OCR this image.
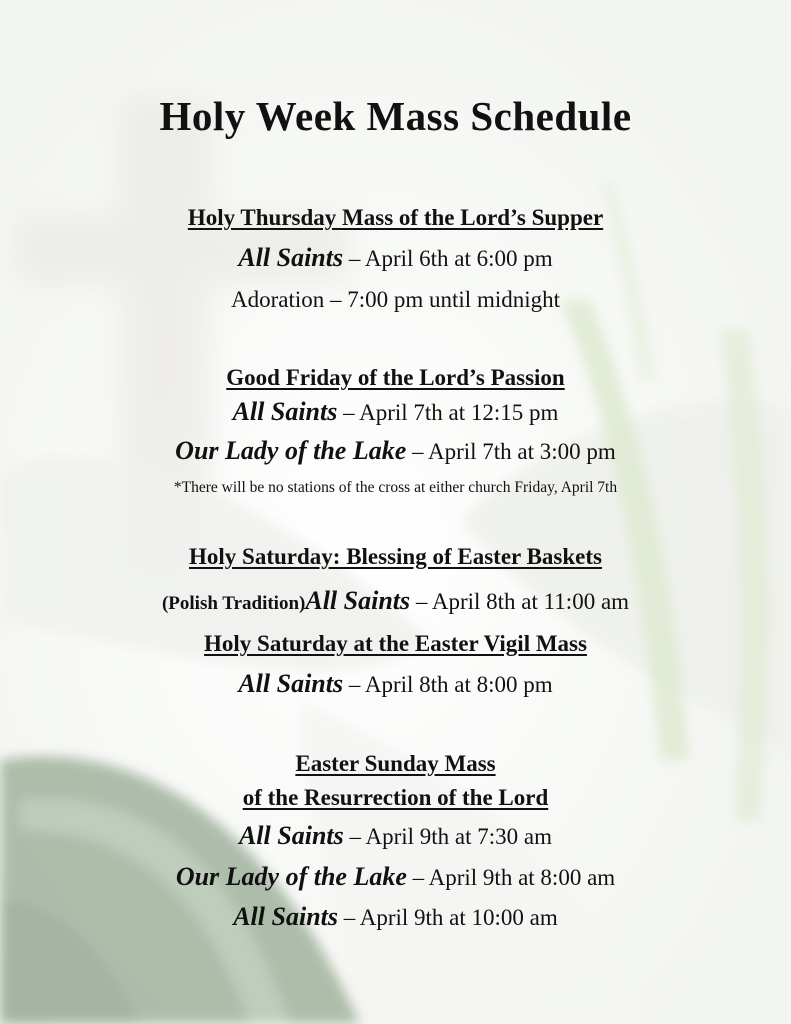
Holy Week Mass Schedule
Holy Thursday Mass of the Lord’s Supper
All Saints – April 6th at 6:00 pm
Adoration – 7:00 pm until midnight
Good Friday of the Lord’s Passion
All Saints – April 7th at 12:15 pm
Our Lady of the Lake – April 7th at 3:00 pm
*There will be no stations of the cross at either church Friday, April 7th
Holy Saturday: Blessing of Easter Baskets
(Polish Tradition)All Saints – April 8th at 11:00 am
Holy Saturday at the Easter Vigil Mass
All Saints – April 8th at 8:00 pm
Easter Sunday Mass
of the Resurrection of the Lord
All Saints – April 9th at 7:30 am
Our Lady of the Lake – April 9th at 8:00 am
All Saints – April 9th at 10:00 am
